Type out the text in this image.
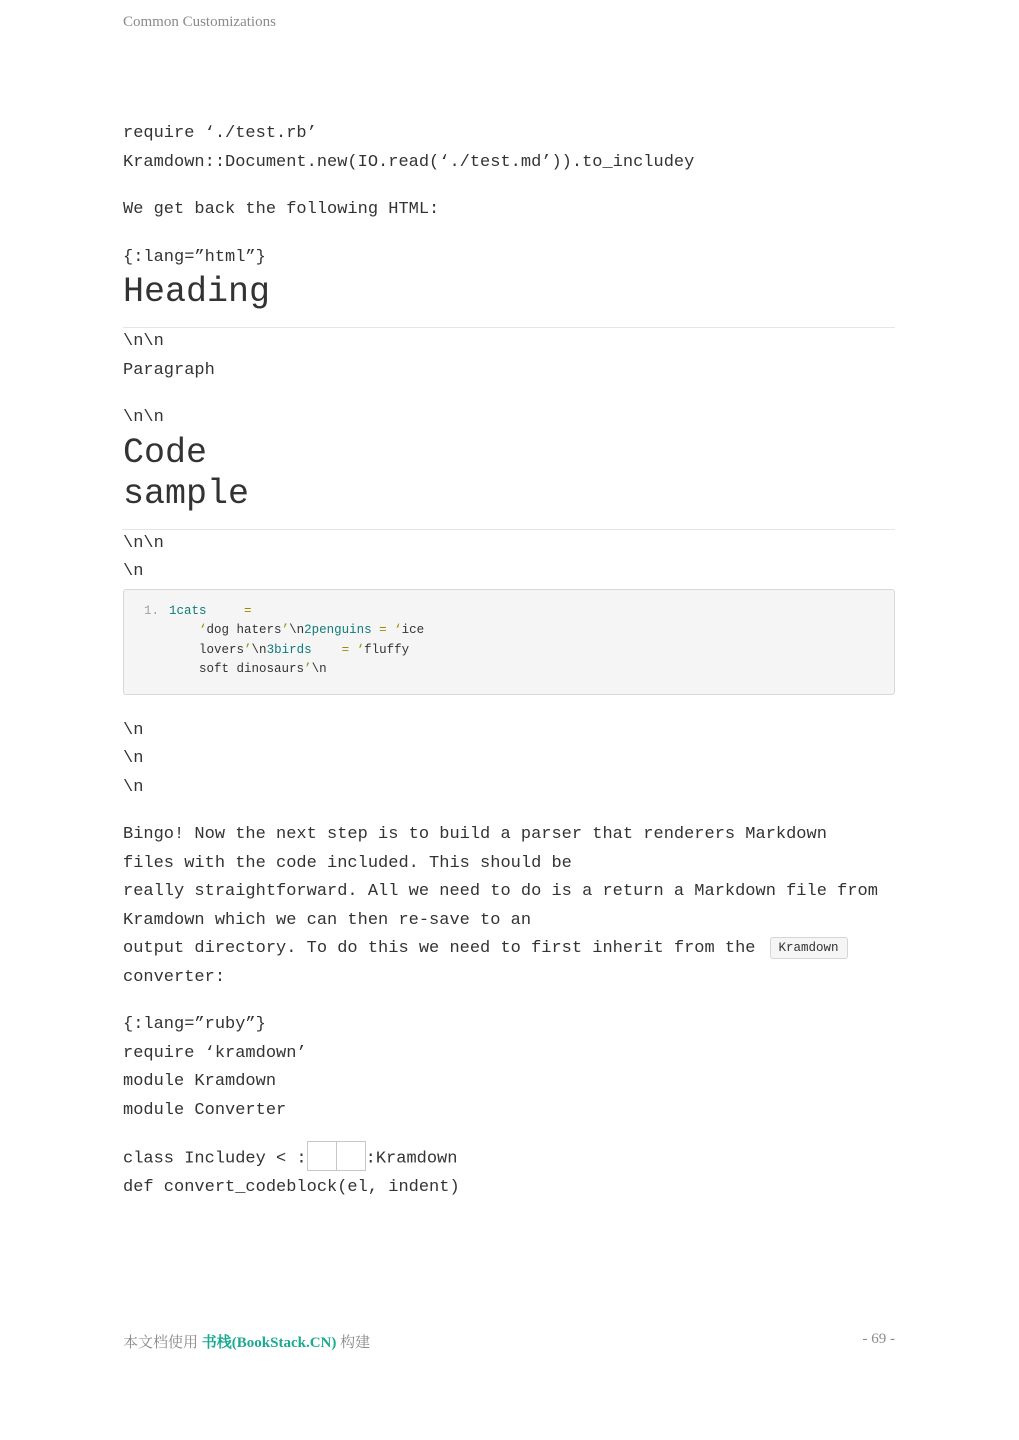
Common Customizations
require ‘./test.rb’
Kramdown::Document.new(IO.read(‘./test.md’)).to_includey
We get back the following HTML:
{:lang=”html”}
Heading
\n\n
Paragraph
\n\n
Code
sample
\n\n
\n
1. 1cats	=
‘dog haters’\n2penguins = ‘ice
lovers’\n3birds = ‘fluffy
soft dinosaurs’\n
\n
\n
\n
Bingo! Now the next step is to build a parser that renderers Markdown
files with the code included. This should be
really straightforward. All we need to do is a return a Markdown file from
Kramdown which we can then re-save to an
output directory. To do this we need to first inherit from the Kramdown
converter:
{:lang=”ruby”}
require ‘kramdown’
module Kramdown
module Converter
class Includey < :		:Kramdown
def convert_codeblock(el, indent)
本文档使用 书栈(BookStack.CN) 构建	- 69 -
